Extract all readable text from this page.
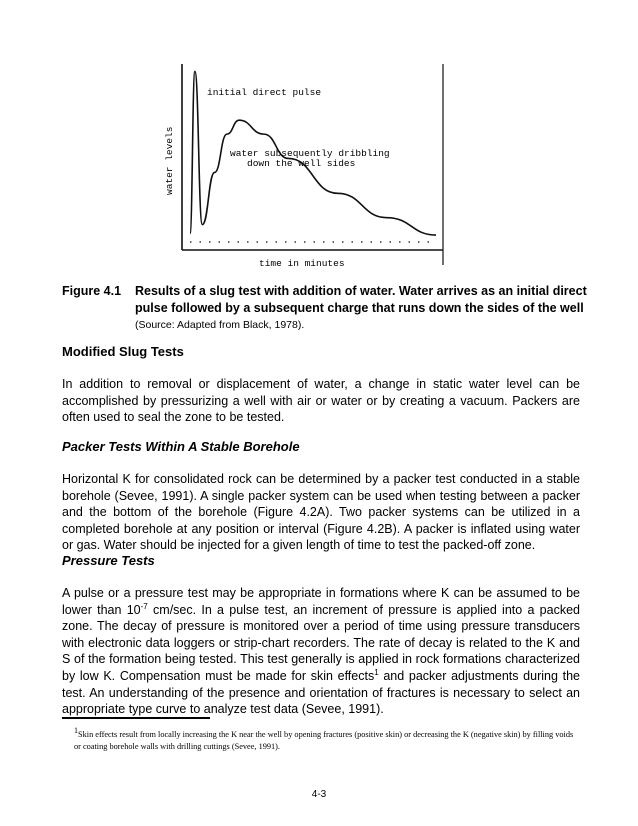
water levels
time in minutes
initial direct pulse
water subsequently dribbling
down the well sides
Figure 4.1	Results of a slug test with addition of water. Water arrives as an initial direct
pulse followed by a subsequent charge that runs down the sides of the well
(Source: Adapted from Black, 1978).
Modified Slug Tests
In addition to removal or displacement of water, a change in static water level can be accomplished by pressurizing a well with air or water or by creating a vacuum. Packers are often used to seal the zone to be tested.
Packer Tests Within A Stable Borehole
Horizontal K for consolidated rock can be determined by a packer test conducted in a stable borehole (Sevee, 1991). A single packer system can be used when testing between a packer and the bottom of the borehole (Figure 4.2A). Two packer systems can be utilized in a completed borehole at any position or interval (Figure 4.2B). A packer is inflated using water or gas. Water should be injected for a given length of time to test the packed-off zone.
Pressure Tests
A pulse or a pressure test may be appropriate in formations where K can be assumed to be lower than $10^{-7}$ cm/sec. In a pulse test, an increment of pressure is applied into a packed zone. The decay of pressure is monitored over a period of time using pressure transducers with electronic data loggers or strip-chart recorders. The rate of decay is related to the K and S of the formation being tested. This test generally is applied in rock formations characterized by low K. Compensation must be made for skin effects$^1$ and packer adjustments during the test. An understanding of the presence and orientation of fractures is necessary to select an appropriate type curve to analyze test data (Sevee, 1991).
$^1$Skin effects result from locally increasing the K near the well by opening fractures (positive skin) or decreasing the K (negative skin) by filling voids or coating borehole walls with drilling cuttings (Sevee, 1991).
4-3
